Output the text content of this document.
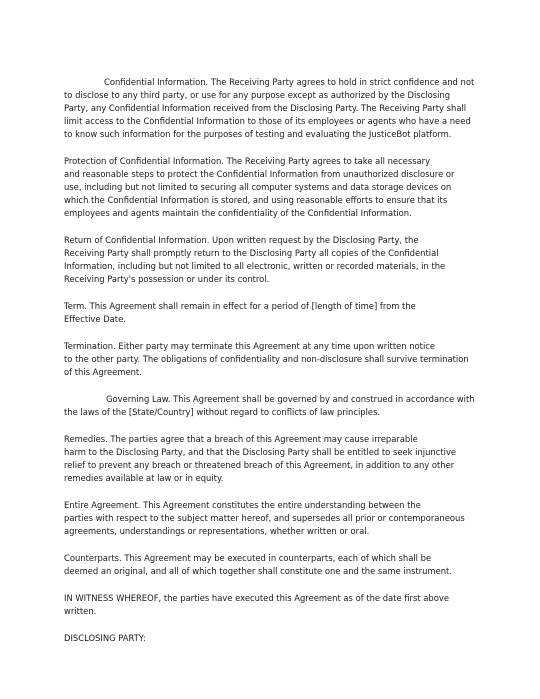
Confidential Information. The Receiving Party agrees to hold in strict confidence and not
to disclose to any third party, or use for any purpose except as authorized by the Disclosing
Party, any Confidential Information received from the Disclosing Party. The Receiving Party shall
limit access to the Confidential Information to those of its employees or agents who have a need
to know such information for the purposes of testing and evaluating the JusticeBot platform.

Protection of Confidential Information. The Receiving Party agrees to take all necessary
and reasonable steps to protect the Confidential Information from unauthorized disclosure or
use, including but not limited to securing all computer systems and data storage devices on
which the Confidential Information is stored, and using reasonable efforts to ensure that its
employees and agents maintain the confidentiality of the Confidential Information.

Return of Confidential Information. Upon written request by the Disclosing Party, the
Receiving Party shall promptly return to the Disclosing Party all copies of the Confidential
Information, including but not limited to all electronic, written or recorded materials, in the
Receiving Party's possession or under its control.

Term. This Agreement shall remain in effect for a period of [length of time] from the
Effective Date.

Termination. Either party may terminate this Agreement at any time upon written notice
to the other party. The obligations of confidentiality and non-disclosure shall survive termination
of this Agreement.

Governing Law. This Agreement shall be governed by and construed in accordance with
the laws of the [State/Country] without regard to conflicts of law principles.

Remedies. The parties agree that a breach of this Agreement may cause irreparable
harm to the Disclosing Party, and that the Disclosing Party shall be entitled to seek injunctive
relief to prevent any breach or threatened breach of this Agreement, in addition to any other
remedies available at law or in equity.

Entire Agreement. This Agreement constitutes the entire understanding between the
parties with respect to the subject matter hereof, and supersedes all prior or contemporaneous
agreements, understandings or representations, whether written or oral.

Counterparts. This Agreement may be executed in counterparts, each of which shall be
deemed an original, and all of which together shall constitute one and the same instrument.

IN WITNESS WHEREOF, the parties have executed this Agreement as of the date first above
written.

DISCLOSING PARTY:
